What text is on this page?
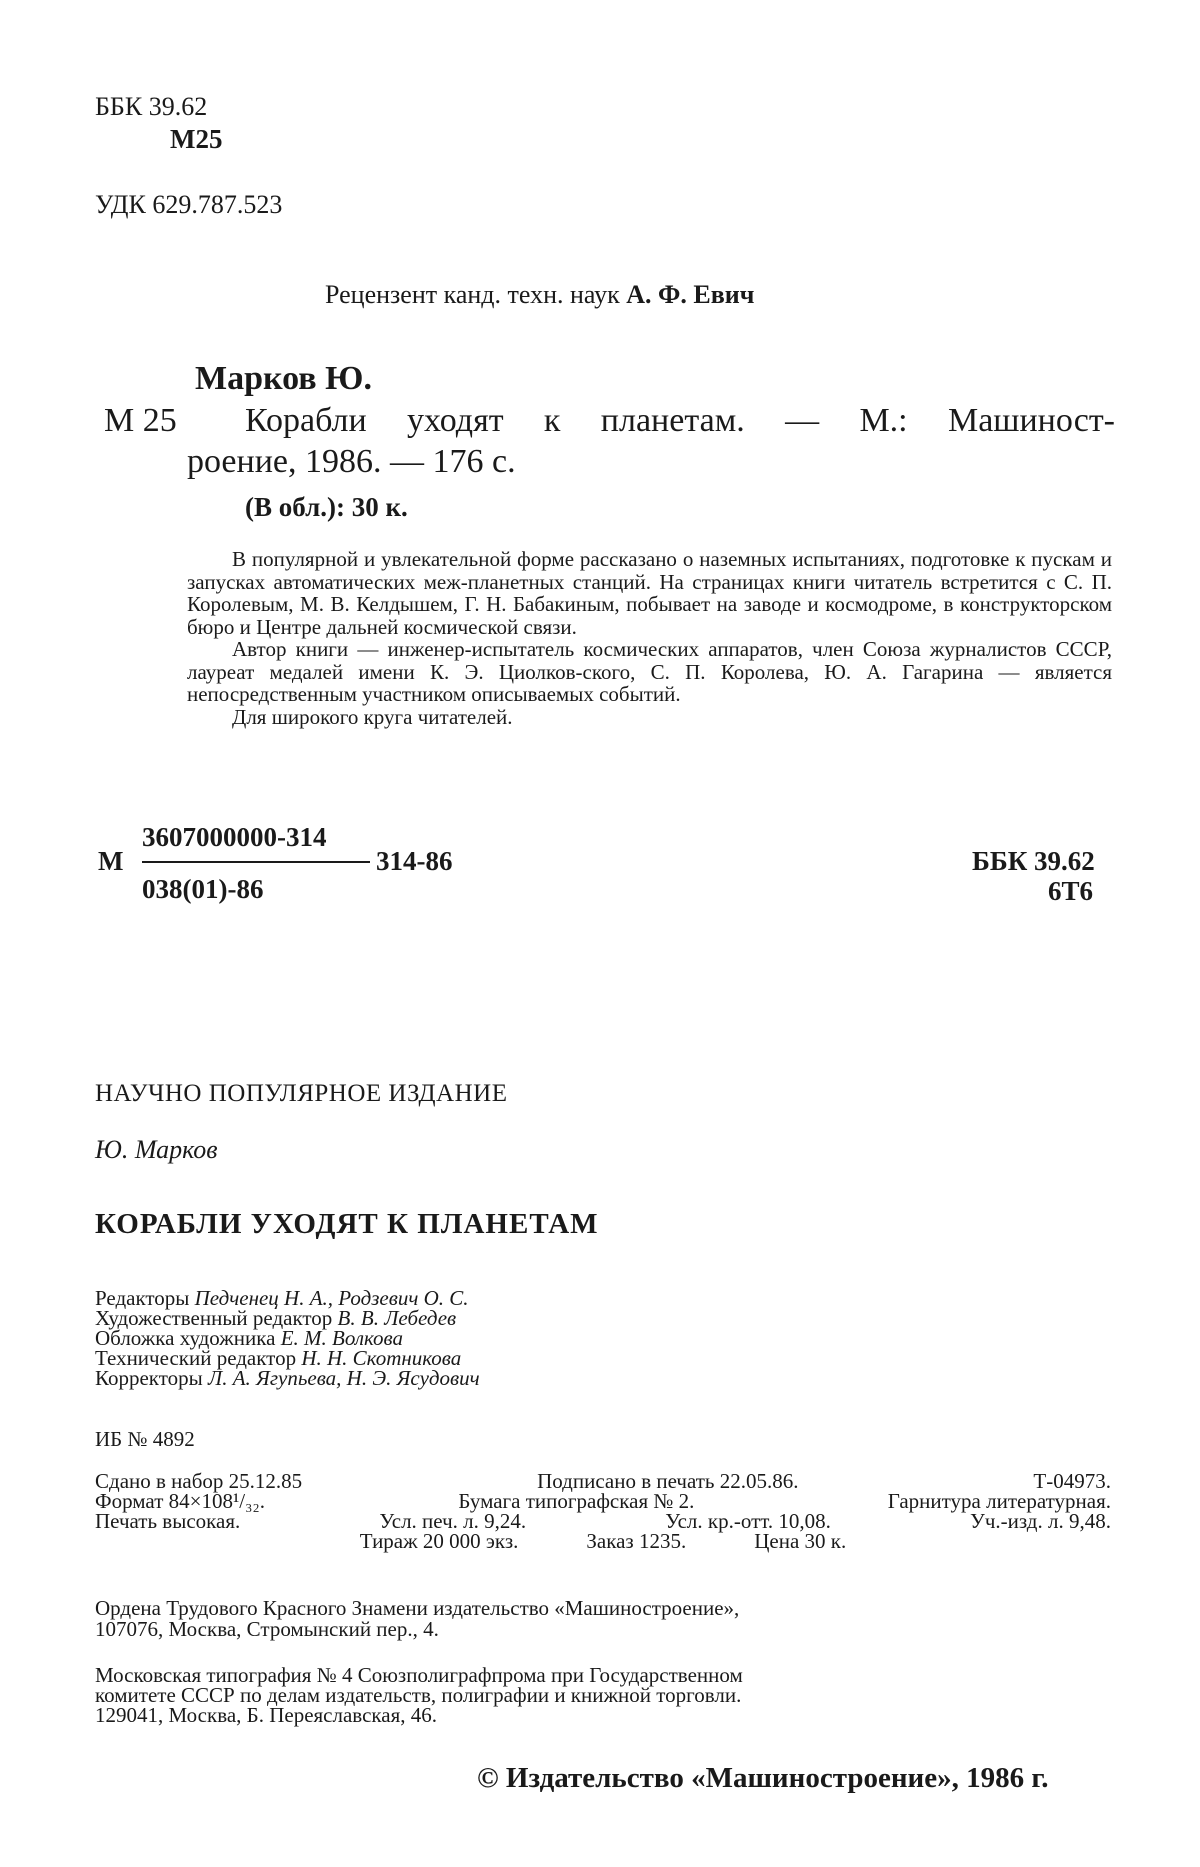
ББК 39.62
М25
УДК 629.787.523
Рецензент канд. техн. наук А. Ф. Евич
Марков Ю.
М 25 Корабли уходят к планетам. — М.: Машиност-
роение, 1986. — 176 с.
(В обл.): 30 к.

В популярной и увлекательной форме рассказано о наземных испытаниях, подготовке к пускам и запусках автоматических меж-планетных станций. На страницах книги читатель встретится с С. П. Королевым, М. В. Келдышем, Г. Н. Бабакиным, побывает на заводе и космодроме, в конструкторском бюро и Центре дальней космической связи.

Автор книги — инженер-испытатель космических аппаратов, член Союза журналистов СССР, лауреат медалей имени К. Э. Циолков-ского, С. П. Королева, Ю. А. Гагарина — является непосредственным участником описываемых событий.

Для широкого круга читателей.

М
3607000000-314
314-86
038(01)-86
ББК 39.62
6Т6
НАУЧНО ПОПУЛЯРНОЕ ИЗДАНИЕ
Ю. Марков
КОРАБЛИ УХОДЯТ К ПЛАНЕТАМ
Редакторы Педченец Н. А., Родзевич О. С.
Художественный редактор В. В. Лебедев
Обложка художника Е. М. Волкова
Технический редактор Н. Н. Скотникова
Корректоры Л. А. Ягупьева, Н. Э. Ясудович
ИБ № 4892
Сдано в набор 25.12.85	Подписано в печать 22.05.86.	Т-04973.
Формат 84×108¹/₃₂.	Бумага типографская № 2.	Гарнитура литературная.
Печать высокая.	Усл. печ. л. 9,24.	Усл. кр.-отт. 10,08.	Уч.-изд. л. 9,48.
Тираж 20 000 экз.	Заказ 1235.	Цена 30 к.
Ордена Трудового Красного Знамени издательство «Машиностроение»,
107076, Москва, Стромынский пер., 4.
Московская типография № 4 Союзполиграфпрома при Государственном
комитете СССР по делам издательств, полиграфии и книжной торговли.
129041, Москва, Б. Переяславская, 46.
© Издательство «Машиностроение», 1986 г.
